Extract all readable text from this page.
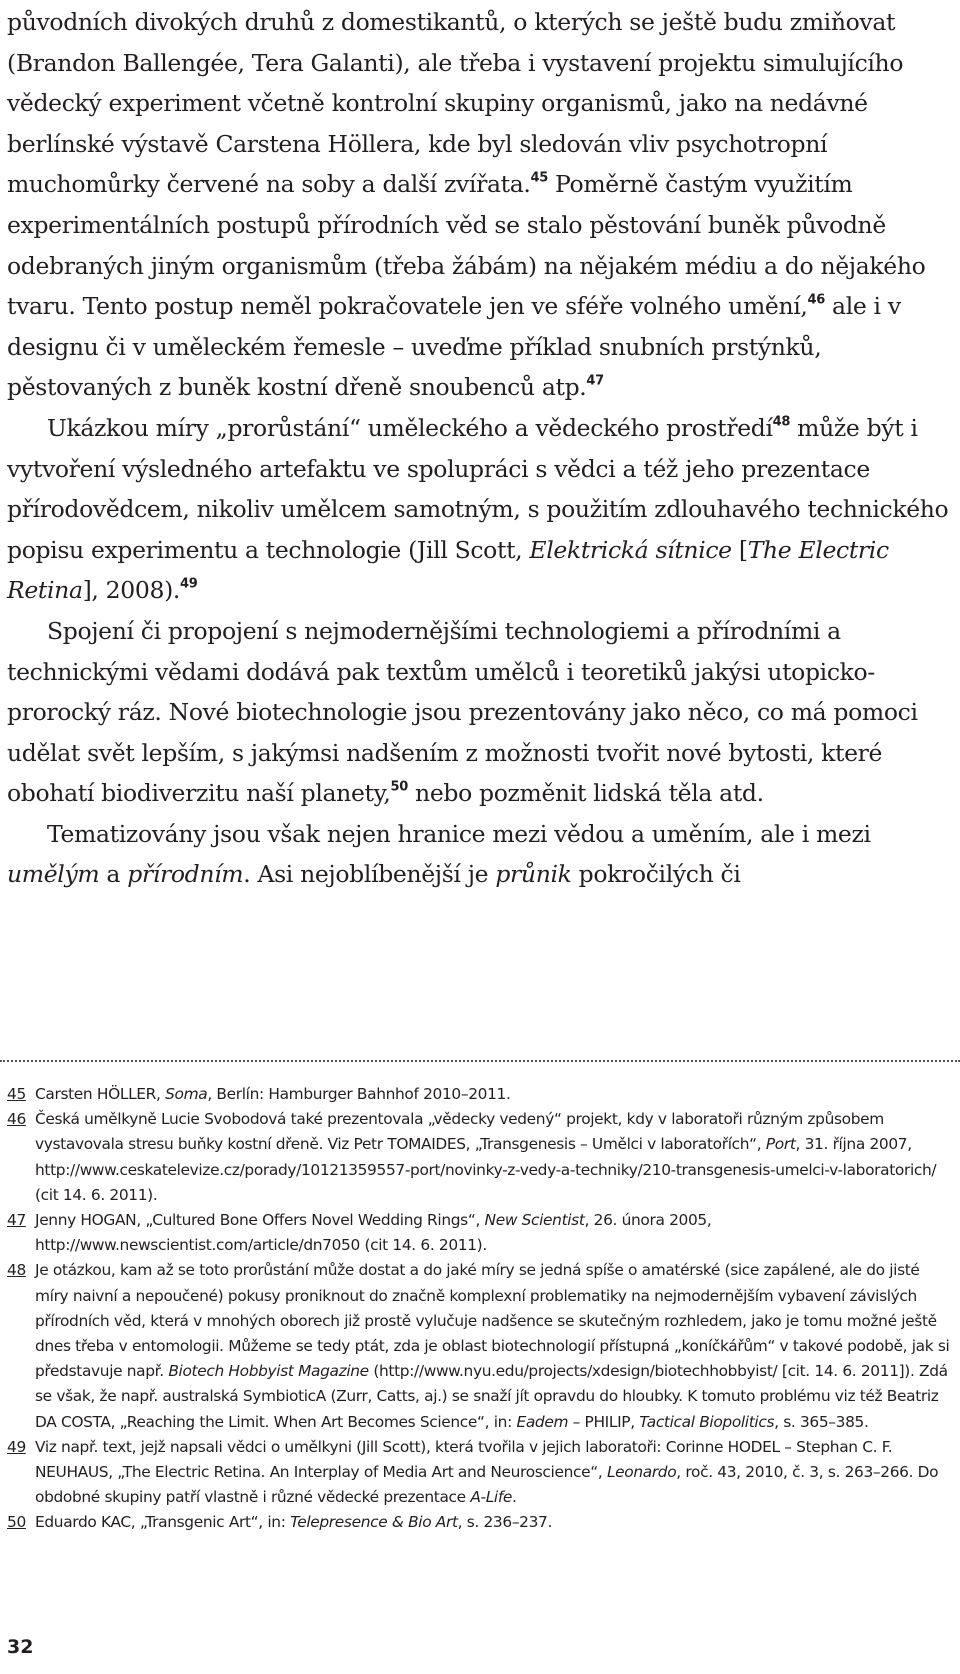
původních divokých druhů z domestikantů, o kterých se ještě budu zmiňovat (Brandon Ballengée, Tera Galanti), ale třeba i vystavení projektu simulujícího vědecký experiment včetně kontrolní skupiny organismů, jako na nedávné berlínské výstavě Carstena Höllera, kde byl sledován vliv psychotropní muchomůrky červené na soby a další zvířata.$^{45}$ Poměrně častým využitím experimentálních postupů přírodních věd se stalo pěstování buněk původně odebraných jiným organismům (třeba žábám) na nějakém médiu a do nějakého tvaru. Tento postup neměl pokračovatele jen ve sféře volného umění,$^{46}$ ale i v designu či v uměleckém řemesle – uveďme příklad snubních prstýnků, pěstovaných z buněk kostní dřeně snoubenců atp.$^{47}$

Ukázkou míry „prorůstání“ uměleckého a vědeckého prostředí$^{48}$ může být i vytvoření výsledného artefaktu ve spolupráci s vědci a též jeho prezentace přírodovědcem, nikoliv umělcem samotným, s použitím zdlouhavého technického popisu experimentu a technologie (Jill Scott, Elektrická sítnice [The Electric Retina], 2008).$^{49}$

Spojení či propojení s nejmodernějšími technologiemi a přírodními a technickými vědami dodává pak textům umělců i teoretiků jakýsi utopicko-prorocký ráz. Nové biotechnologie jsou prezentovány jako něco, co má pomoci udělat svět lepším, s jakýmsi nadšením z možnosti tvořit nové bytosti, které obohatí biodiverzitu naší planety,$^{50}$ nebo pozměnit lidská těla atd.

Tematizovány jsou však nejen hranice mezi vědou a uměním, ale i mezi umělým a přírodním. Asi nejoblíbenější je průnik pokročilých či

45 Carsten HÖLLER, Soma, Berlín: Hamburger Bahnhof 2010–2011.
46 Česká umělkyně Lucie Svobodová také prezentovala „vědecky vedený“ projekt, kdy v laboratoři různým způsobem vystavovala stresu buňky kostní dřeně. Viz Petr TOMAIDES, „Transgenesis – Umělci v laboratořích“, Port, 31. října 2007, http://www.ceskatelevize.cz/porady/10121359557-port/novinky-z-vedy-a-techniky/210-transgenesis-umelci-v-laboratorich/ (cit 14. 6. 2011).
47 Jenny HOGAN, „Cultured Bone Offers Novel Wedding Rings“, New Scientist, 26. února 2005, http://www.newscientist.com/article/dn7050 (cit 14. 6. 2011).
48 Je otázkou, kam až se toto prorůstání může dostat a do jaké míry se jedná spíše o amatérské (sice zapálené, ale do jisté míry naivní a nepoučené) pokusy proniknout do značně komplexní problematiky na nejmodernějším vybavení závislých přírodních věd, která v mnohých oborech již prostě vylučuje nadšence se skutečným rozhledem, jako je tomu možné ještě dnes třeba v entomologii. Můžeme se tedy ptát, zda je oblast biotechnologií přístupná „koníčkářům“ v takové podobě, jak si představuje např. Biotech Hobbyist Magazine (http://www.nyu.edu/projects/xdesign/biotechhobbyist/ [cit. 14. 6. 2011]). Zdá se však, že např. australská SymbioticA (Zurr, Catts, aj.) se snaží jít opravdu do hloubky. K tomuto problému viz též Beatriz DA COSTA, „Reaching the Limit. When Art Becomes Science“, in: Eadem – PHILIP, Tactical Biopolitics, s. 365–385.
49 Viz např. text, jejž napsali vědci o umělkyni (Jill Scott), která tvořila v jejich laboratoři: Corinne HODEL – Stephan C. F. NEUHAUS, „The Electric Retina. An Interplay of Media Art and Neuroscience“, Leonardo, roč. 43, 2010, č. 3, s. 263–266. Do obdobné skupiny patří vlastně i různé vědecké prezentace A-Life.
50 Eduardo KAC, „Transgenic Art“, in: Telepresence & Bio Art, s. 236–237.
32
